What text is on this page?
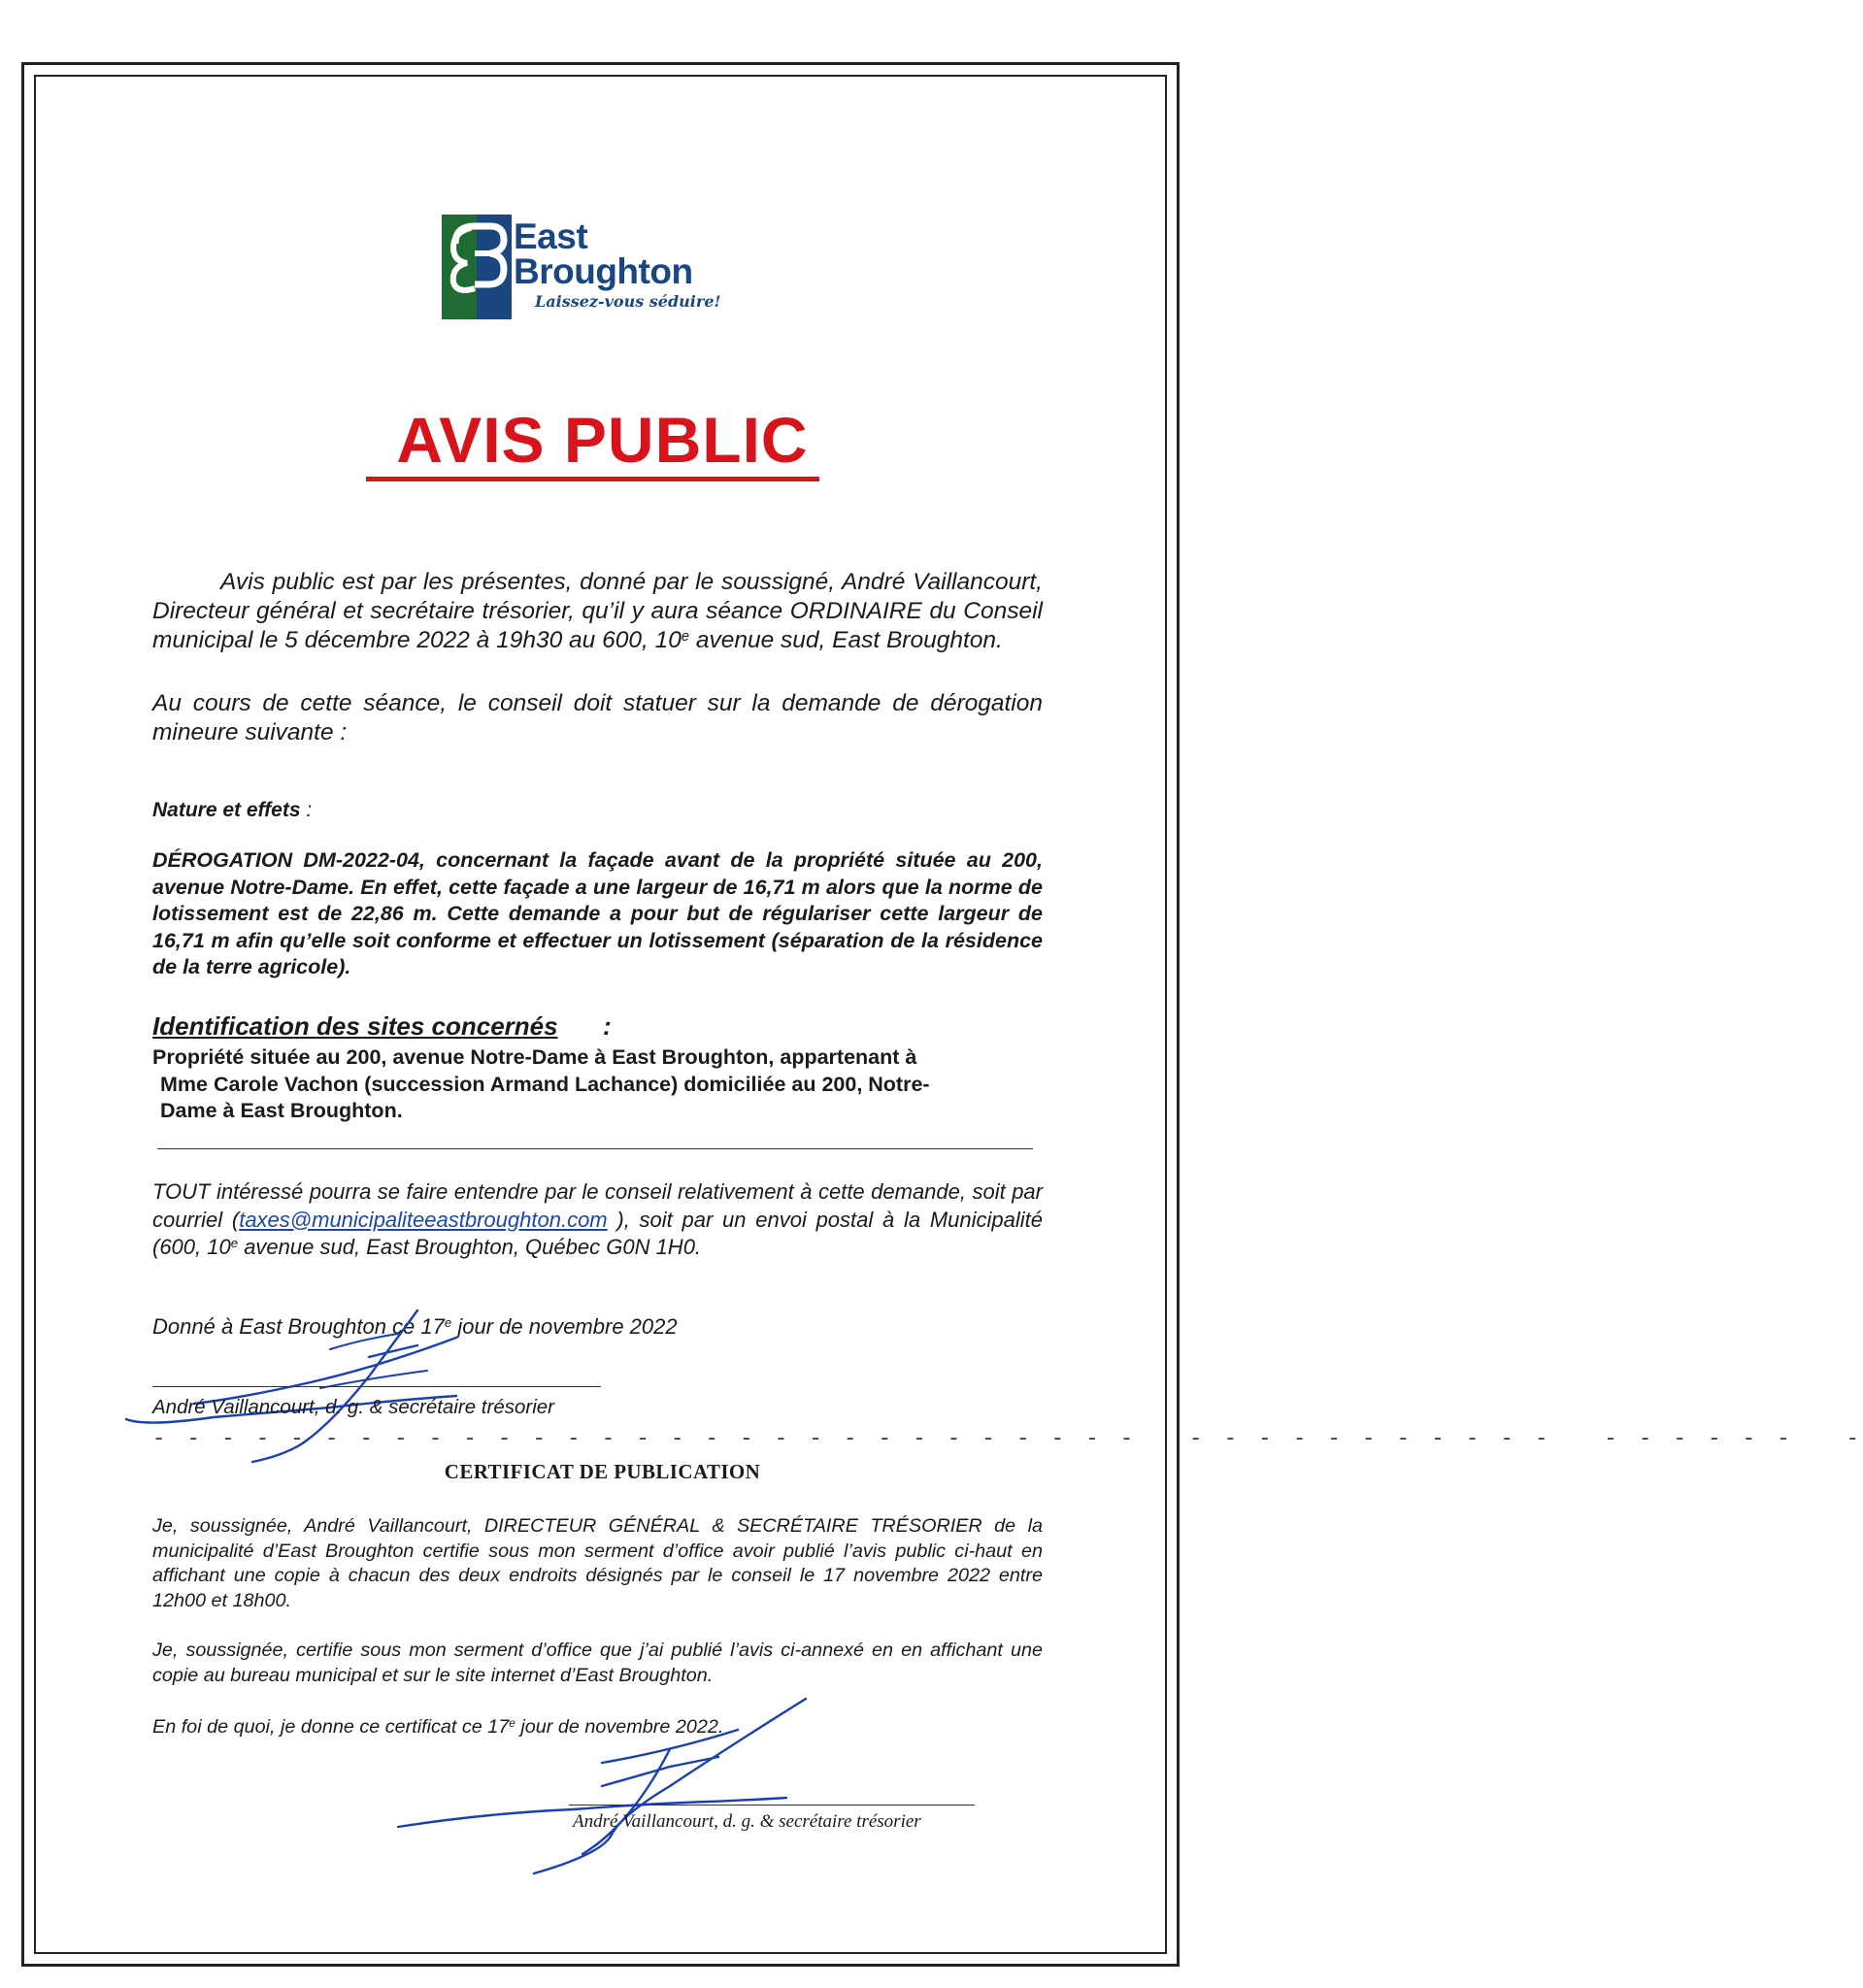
East
Broughton
Laissez-vous séduire!
AVIS PUBLIC
Avis public est par les présentes, donné par le soussigné, André Vaillancourt, Directeur général et secrétaire trésorier, qu’il y aura séance ORDINAIRE du Conseil municipal le 5 décembre 2022 à 19h30 au 600, 10e avenue sud, East Broughton.
Au cours de cette séance, le conseil doit statuer sur la demande de dérogation mineure suivante :
Nature et effets :
DÉROGATION DM-2022-04, concernant la façade avant de la propriété située au 200, avenue Notre-Dame. En effet, cette façade a une largeur de 16,71 m alors que la norme de lotissement est de 22,86 m. Cette demande a pour but de régulariser cette largeur de 16,71 m afin qu’elle soit conforme et effectuer un lotissement (séparation de la résidence de la terre agricole).
Identification des sites concernés :
Propriété située au 200, avenue Notre-Dame à East Broughton, appartenant à
Mme Carole Vachon (succession Armand Lachance) domiciliée au 200, Notre-
Dame à East Broughton.
TOUT intéressé pourra se faire entendre par le conseil relativement à cette demande, soit par courriel (taxes@municipaliteeastbroughton.com ), soit par un envoi postal à la Municipalité (600, 10e avenue sud, East Broughton, Québec G0N 1H0.
Donné à East Broughton ce 17e jour de novembre 2022
André Vaillancourt, d. g. & secrétaire trésorier
- - - - - - - - - - - - - - - - - - - - - - - - - - - - -   - - - - - - - - - - -   - - - - - -   -
CERTIFICAT DE PUBLICATION
Je, soussignée, André Vaillancourt, DIRECTEUR GÉNÉRAL & SECRÉTAIRE TRÉSORIER de la municipalité d’East Broughton certifie sous mon serment d’office avoir publié l’avis public ci-haut en affichant une copie à chacun des deux endroits désignés par le conseil le 17 novembre 2022 entre 12h00 et 18h00.
Je, soussignée, certifie sous mon serment d’office que j’ai publié l’avis ci-annexé en en affichant une copie au bureau municipal et sur le site internet d’East Broughton.
En foi de quoi, je donne ce certificat ce 17e jour de novembre 2022.
André Vaillancourt, d. g. & secrétaire trésorier
